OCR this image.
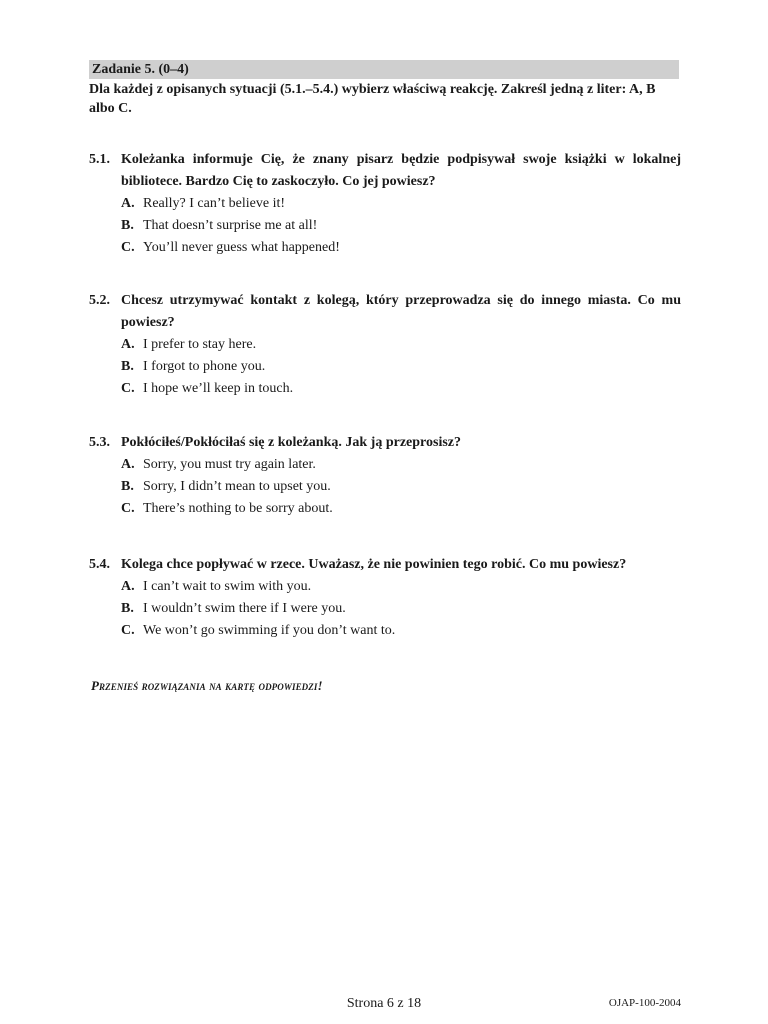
Zadanie 5. (0–4)
Dla każdej z opisanych sytuacji (5.1.–5.4.) wybierz właściwą reakcję. Zakreśl jedną z liter: A, B albo C.
5.1. Koleżanka informuje Cię, że znany pisarz będzie podpisywał swoje książki w lokalnej bibliotece. Bardzo Cię to zaskoczyło. Co jej powiesz?
A. Really? I can’t believe it!
B. That doesn’t surprise me at all!
C. You’ll never guess what happened!
5.2. Chcesz utrzymywać kontakt z kolegą, który przeprowadza się do innego miasta. Co mu powiesz?
A. I prefer to stay here.
B. I forgot to phone you.
C. I hope we’ll keep in touch.
5.3. Pokłóciłeś/Pokłóciłaś się z koleżanką. Jak ją przeprosisz?
A. Sorry, you must try again later.
B. Sorry, I didn’t mean to upset you.
C. There’s nothing to be sorry about.
5.4. Kolega chce popływać w rzece. Uważasz, że nie powinien tego robić. Co mu powiesz?
A. I can’t wait to swim with you.
B. I wouldn’t swim there if I were you.
C. We won’t go swimming if you don’t want to.
Przenieś rozwiązania na kartę odpowiedzi!
Strona 6 z 18	OJAP-100-2004
